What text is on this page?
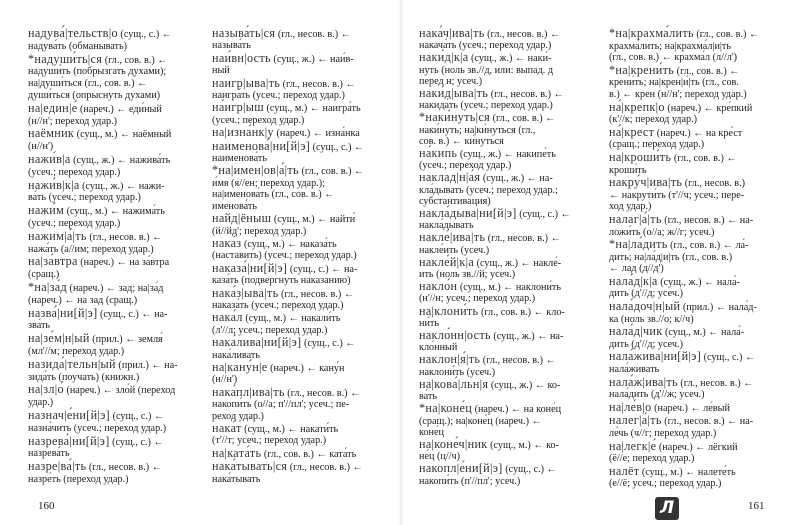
надува́|тельств|о (сущ., с.) ←
надува́ть (обманывать)
*надуши́ть|ся (гл., сов. в.) ←
надуши́ть (побрызгать духами);
на|души́ться (гл., сов. в.) ←
души́ться (опрыснуть духами)
на|един|е́ (нареч.) ← еди́ный
(н//н'; переход удар.)
наёмник (сущ., м.) ← наёмный
(н//н')
нажи́в|а (сущ., ж.) ← нажива́ть
(усеч.; переход удар.)
нажи́в|к|а (сущ., ж.) ← нажи-
ва́ть (усеч.; переход удар.)
нажи́м (сущ., м.) ← нажима́ть
(усеч.; переход удар.)
нажим|а́|ть (гл., несов. в.) ←
нажа́ть (а//им; переход удар.)
на|за́втра (нареч.) ← на за́втра
(сращ.)
*на|за́д (нареч.) ← зад; на|за́д
(нареч.) ← на зад (сращ.)
назва́|ни[й|э] (сущ., с.) ← на-
зва́ть
на|зе́м|н|ый (прил.) ← земля́
(мл'//м; переход удар.)
назида́|тельн|ый (прил.) ← на-
зида́ть (поучать) (книжн.)
на|зл|о́ (нареч.) ← зло́й (переход
удар.)
назнач|е́ни[й|э] (сущ., с.) ←
назна́чить (усеч.; переход удар.)
назрева́|ни[й|э] (сущ., с.) ←
назрева́ть
назре|ва́|ть (гл., несов. в.) ←
назре́ть (переход удар.)
называ́ть|ся (гл., несов. в.) ←
называ́ть
наи́вн|ость (сущ., ж.) ← наи́в-
ный
наигр|ыва|ть (гл., несов. в.) ←
наигра́ть (усеч.; переход удар.)
на́игр|ыш (сущ., м.) ← наигра́ть
(усеч.; переход удар.)
на|изна́нк|у (нареч.) ← изна́нка
наименова́|ни[й|э] (сущ., с.) ←
наименова́ть
*на|имен|ов|а́|ть (гл., сов. в.) ←
и́мя (я//ен; переход удар.);
на|именова́ть (гл., сов. в.) ←
именова́ть
найд|ёныш (сущ., м.) ← найти́
(й//йд'; переход удар.)
нака́з (сущ., м.) ← наказа́ть
(наставить) (усеч.; переход удар.)
наказа́|ни[й|э] (сущ., с.) ← на-
каза́ть (подвергнуть наказанию)
нака́з|ыва|ть (гл., несов. в.) ←
наказа́ть (усеч.; переход удар.)
нака́л (сущ., м.) ← накали́ть
(л'//л; усеч.; переход удар.)
нака́лива|ни[й|э] (сущ., с.) ←
нака́ливать
на|кану́н|е (нареч.) ← кану́н
(н//н')
нака́пл|ива|ть (гл., несов. в.) ←
накопи́ть (о//а; п'//пл'; усеч.; пе-
реход удар.)
нака́т (сущ., м.) ← накати́ть
(т'//т; усеч.; переход удар.)
на|ката́ть (гл., сов. в.) ← ката́ть
нака́тывать|ся (гл., несов. в.) ←
нака́тывать
нака́ч|ива|ть (гл., несов. в.) ←
накача́ть (усеч.; переход удар.)
наки́д|к|а (сущ., ж.) ← наки́-
нуть (ноль зв.//д, или: выпад. д
перед н; усеч.)
наки́д|ыва|ть (гл., несов. в.) ←
накида́ть (усеч.; переход удар.)
*наки́нуть|ся (гл., сов. в.) ←
наки́нуть; на|ки́нуться (гл.,
сов. в.) ← ки́нуться
на́кипь (сущ., ж.) ← накипе́ть
(усеч.; переход удар.)
наклад|н|а́я (сущ., ж.) ← на-
кла́дывать (усеч.; переход удар.;
субстантивация)
накла́дыва|ни[й|э] (сущ., с.) ←
накла́дывать
накле́|ива|ть (гл., несов. в.) ←
накле́ить (усеч.)
накле́й|к|а (сущ., ж.) ← накле́-
ить (ноль зв.//й; усеч.)
накло́н (сущ., м.) ← наклони́ть
(н'//н; усеч.; переход удар.)
на|клони́ть (гл., сов. в.) ← кло-
ни́ть
накло́нн|ость (сущ., ж.) ← на-
кло́нный
наклон|я́|ть (гл., несов. в.) ←
наклони́ть (усеч.)
на|кова́|льн|я (сущ., ж.) ← ко-
ва́ть
*на|коне́ц (нареч.) ← на коне́ц
(сращ.); на|коне́ц (нареч.) ←
коне́ц
на|коне́ч|ник (сущ., м.) ← ко-
не́ц (ц//ч)
накопл|е́ни[й|э] (сущ., с.) ←
накопи́ть (п'//пл'; усеч.)
*на|крахма́лить (гл., сов. в.) ←
крахма́лить; на|крахма́л|и|ть
(гл., сов. в.) ← крахма́л (л//л')
*на|крени́ть (гл., сов. в.) ←
крени́ть; на|крен|и́|ть (гл., сов.
в.) ← крен (н//н'; переход удар.)
на́|крепк|о (нареч.) ← кре́пкий
(к'//к; переход удар.)
на́|крест (нареч.) ← на кре́ст
(сращ.; переход удар.)
на|кроши́ть (гл., сов. в.) ←
кроши́ть
накру́ч|ива|ть (гл., несов. в.)
← накрути́ть (т'//ч; усеч.; пере-
ход удар.)
налаг|а́|ть (гл., несов. в.) ← на-
ложи́ть (о//а; ж//г; усеч.)
*на|ла́дить (гл., сов. в.) ← ла́-
дить; на|ла́д|и|ть (гл., сов. в.)
← лад (д//д')
нала́д|к|а (сущ., ж.) ← нала́-
дить (д'//д; усеч.)
нала́доч|н|ый (прил.) ← нала́д-
ка (ноль зв.//о; к//ч)
нала́д|чик (сущ., м.) ← нала́-
дить (д'//д; усеч.)
нала́жива|ни[й|э] (сущ., с.) ←
нала́живать
нала́ж|ива|ть (гл., несов. в.) ←
нала́дить (д'//ж; усеч.)
на|ле́в|о (нареч.) ← ле́вый
налег|а́|ть (гл., несов. в.) ← на-
ле́чь (ч//г; переход удар.)
на|легк|е́ (нареч.) ← лёгкий
(ё//е; переход удар.)
налёт (сущ., м.) ← налете́ть
(е//ё; усеч.; переход удар.)
160	161
Л
